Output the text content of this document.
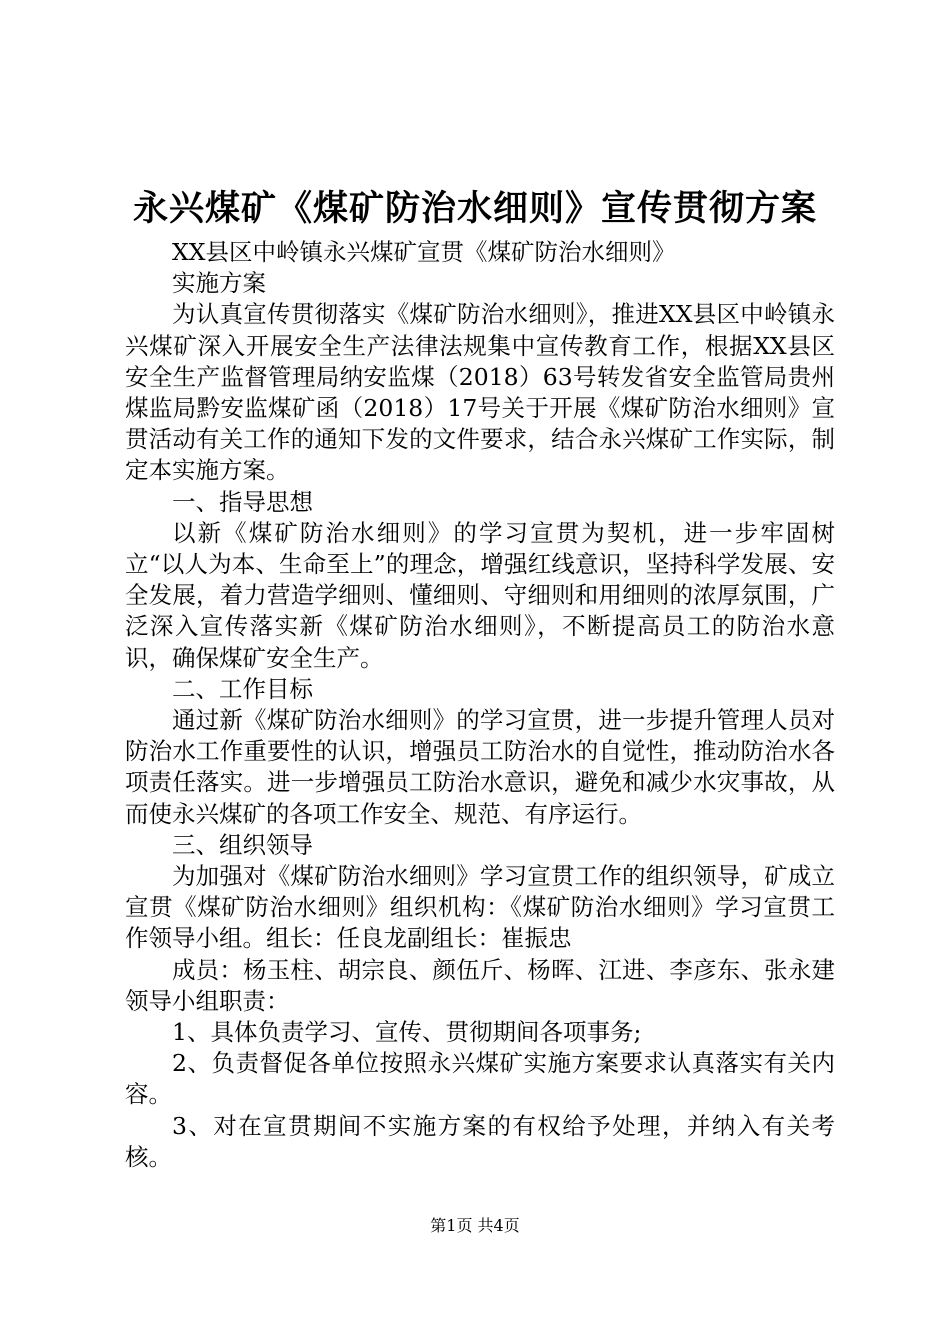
永兴煤矿《煤矿防治水细则》宣传贯彻方案

XX县区中岭镇永兴煤矿宣贯《煤矿防治水细则》

实施方案

为认真宣传贯彻落实《煤矿防治水细则》，推进XX县区中岭镇永兴煤矿深入开展安全生产法律法规集中宣传教育工作，根据XX县区安全生产监督管理局纳安监煤（2018）63号转发省安全监管局贵州煤监局黔安监煤矿函（2018）17号关于开展《煤矿防治水细则》宣贯活动有关工作的通知下发的文件要求，结合永兴煤矿工作实际，制定本实施方案。

一、指导思想

以新《煤矿防治水细则》的学习宣贯为契机，进一步牢固树立“以人为本、生命至上”的理念，增强红线意识，坚持科学发展、安全发展，着力营造学细则、懂细则、守细则和用细则的浓厚氛围，广泛深入宣传落实新《煤矿防治水细则》，不断提高员工的防治水意识，确保煤矿安全生产。

二、工作目标

通过新《煤矿防治水细则》的学习宣贯，进一步提升管理人员对防治水工作重要性的认识，增强员工防治水的自觉性，推动防治水各项责任落实。进一步增强员工防治水意识，避免和减少水灾事故，从而使永兴煤矿的各项工作安全、规范、有序运行。

三、组织领导

为加强对《煤矿防治水细则》学习宣贯工作的组织领导，矿成立宣贯《煤矿防治水细则》组织机构：《煤矿防治水细则》学习宣贯工作领导小组。组长：任良龙副组长：崔振忠

成员：杨玉柱、胡宗良、颜伍斤、杨晖、江进、李彦东、张永建领导小组职责：

1、具体负责学习、宣传、贯彻期间各项事务;

2、负责督促各单位按照永兴煤矿实施方案要求认真落实有关内容。

3、对在宣贯期间不实施方案的有权给予处理，并纳入有关考核。

第1页 共4页
